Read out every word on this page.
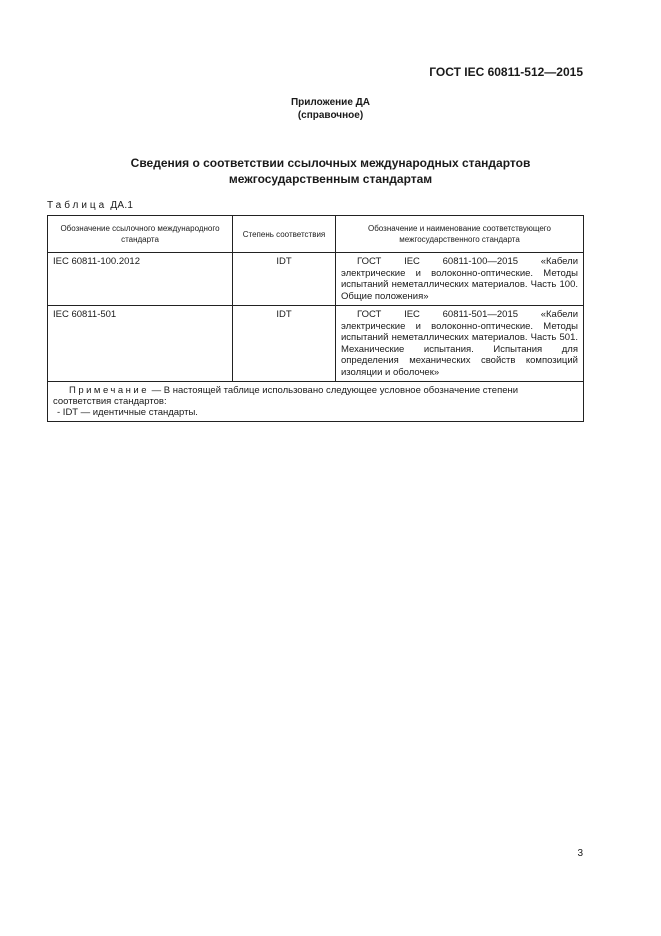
ГОСТ IEC 60811-512—2015
Приложение ДА
(справочное)
Сведения о соответствии ссылочных международных стандартов
межгосударственным стандартам
Таблица ДА.1
Обозначение ссылочного международного стандарта	Степень соответствия	Обозначение и наименование соответствующего межгосударственного стандарта
IEC 60811-100.2012	IDT	ГОСТ IEC 60811-100—2015 «Кабели электрические и волоконно-оптические. Методы испытаний неметаллических материалов. Часть 100. Общие положения»

IEC 60811-501	IDT	ГОСТ IEC 60811-501—2015 «Кабели электрические и волоконно-оптические. Методы испытаний неметаллических материалов. Часть 501. Механические испытания. Испытания для определения механических свойств композиций изоляции и оболочек»

Примечание — В настоящей таблице использовано следующее условное обозначение степени соответствия стандартов:
- IDT — идентичные стандарты.		
3
